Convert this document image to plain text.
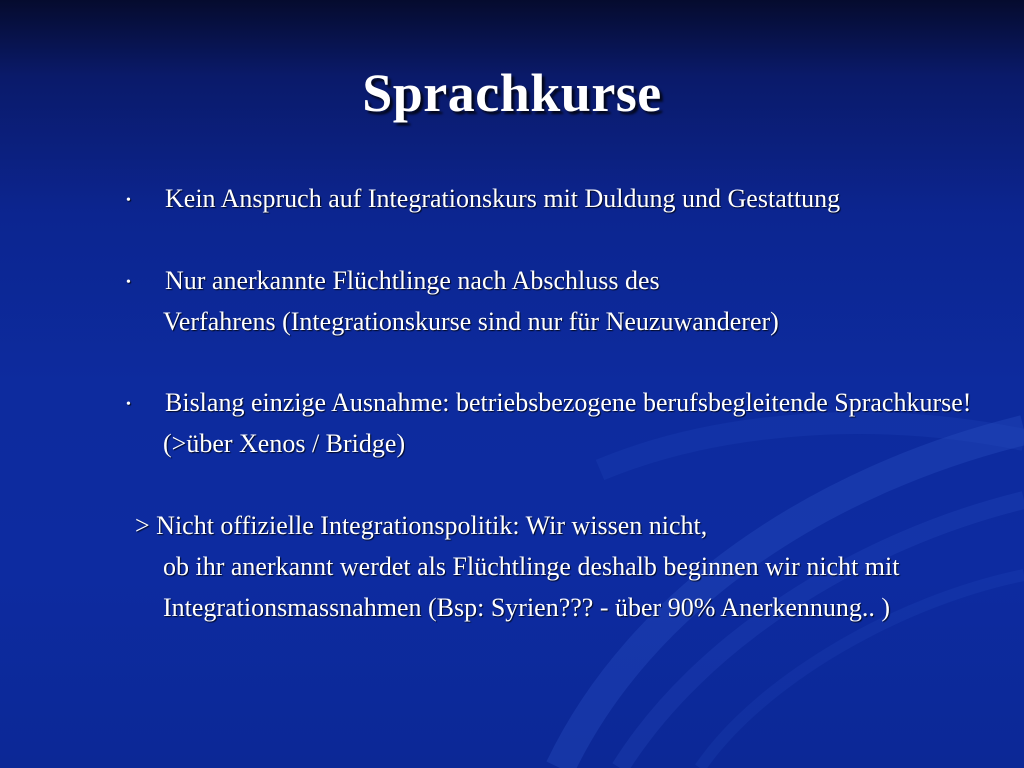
Sprachkurse
• Kein Anspruch auf Integrationskurs mit Duldung und Gestattung
• Nur anerkannte Flüchtlinge nach Abschluss des
Verfahrens (Integrationskurse sind nur für Neuzuwanderer)
• Bislang einzige Ausnahme: betriebsbezogene berufsbegleitende Sprachkurse!
(>über Xenos / Bridge)
> Nicht offizielle Integrationspolitik: Wir wissen nicht,
ob ihr anerkannt werdet als Flüchtlinge deshalb beginnen wir nicht mit
Integrationsmassnahmen (Bsp: Syrien??? - über 90% Anerkennung.. )
